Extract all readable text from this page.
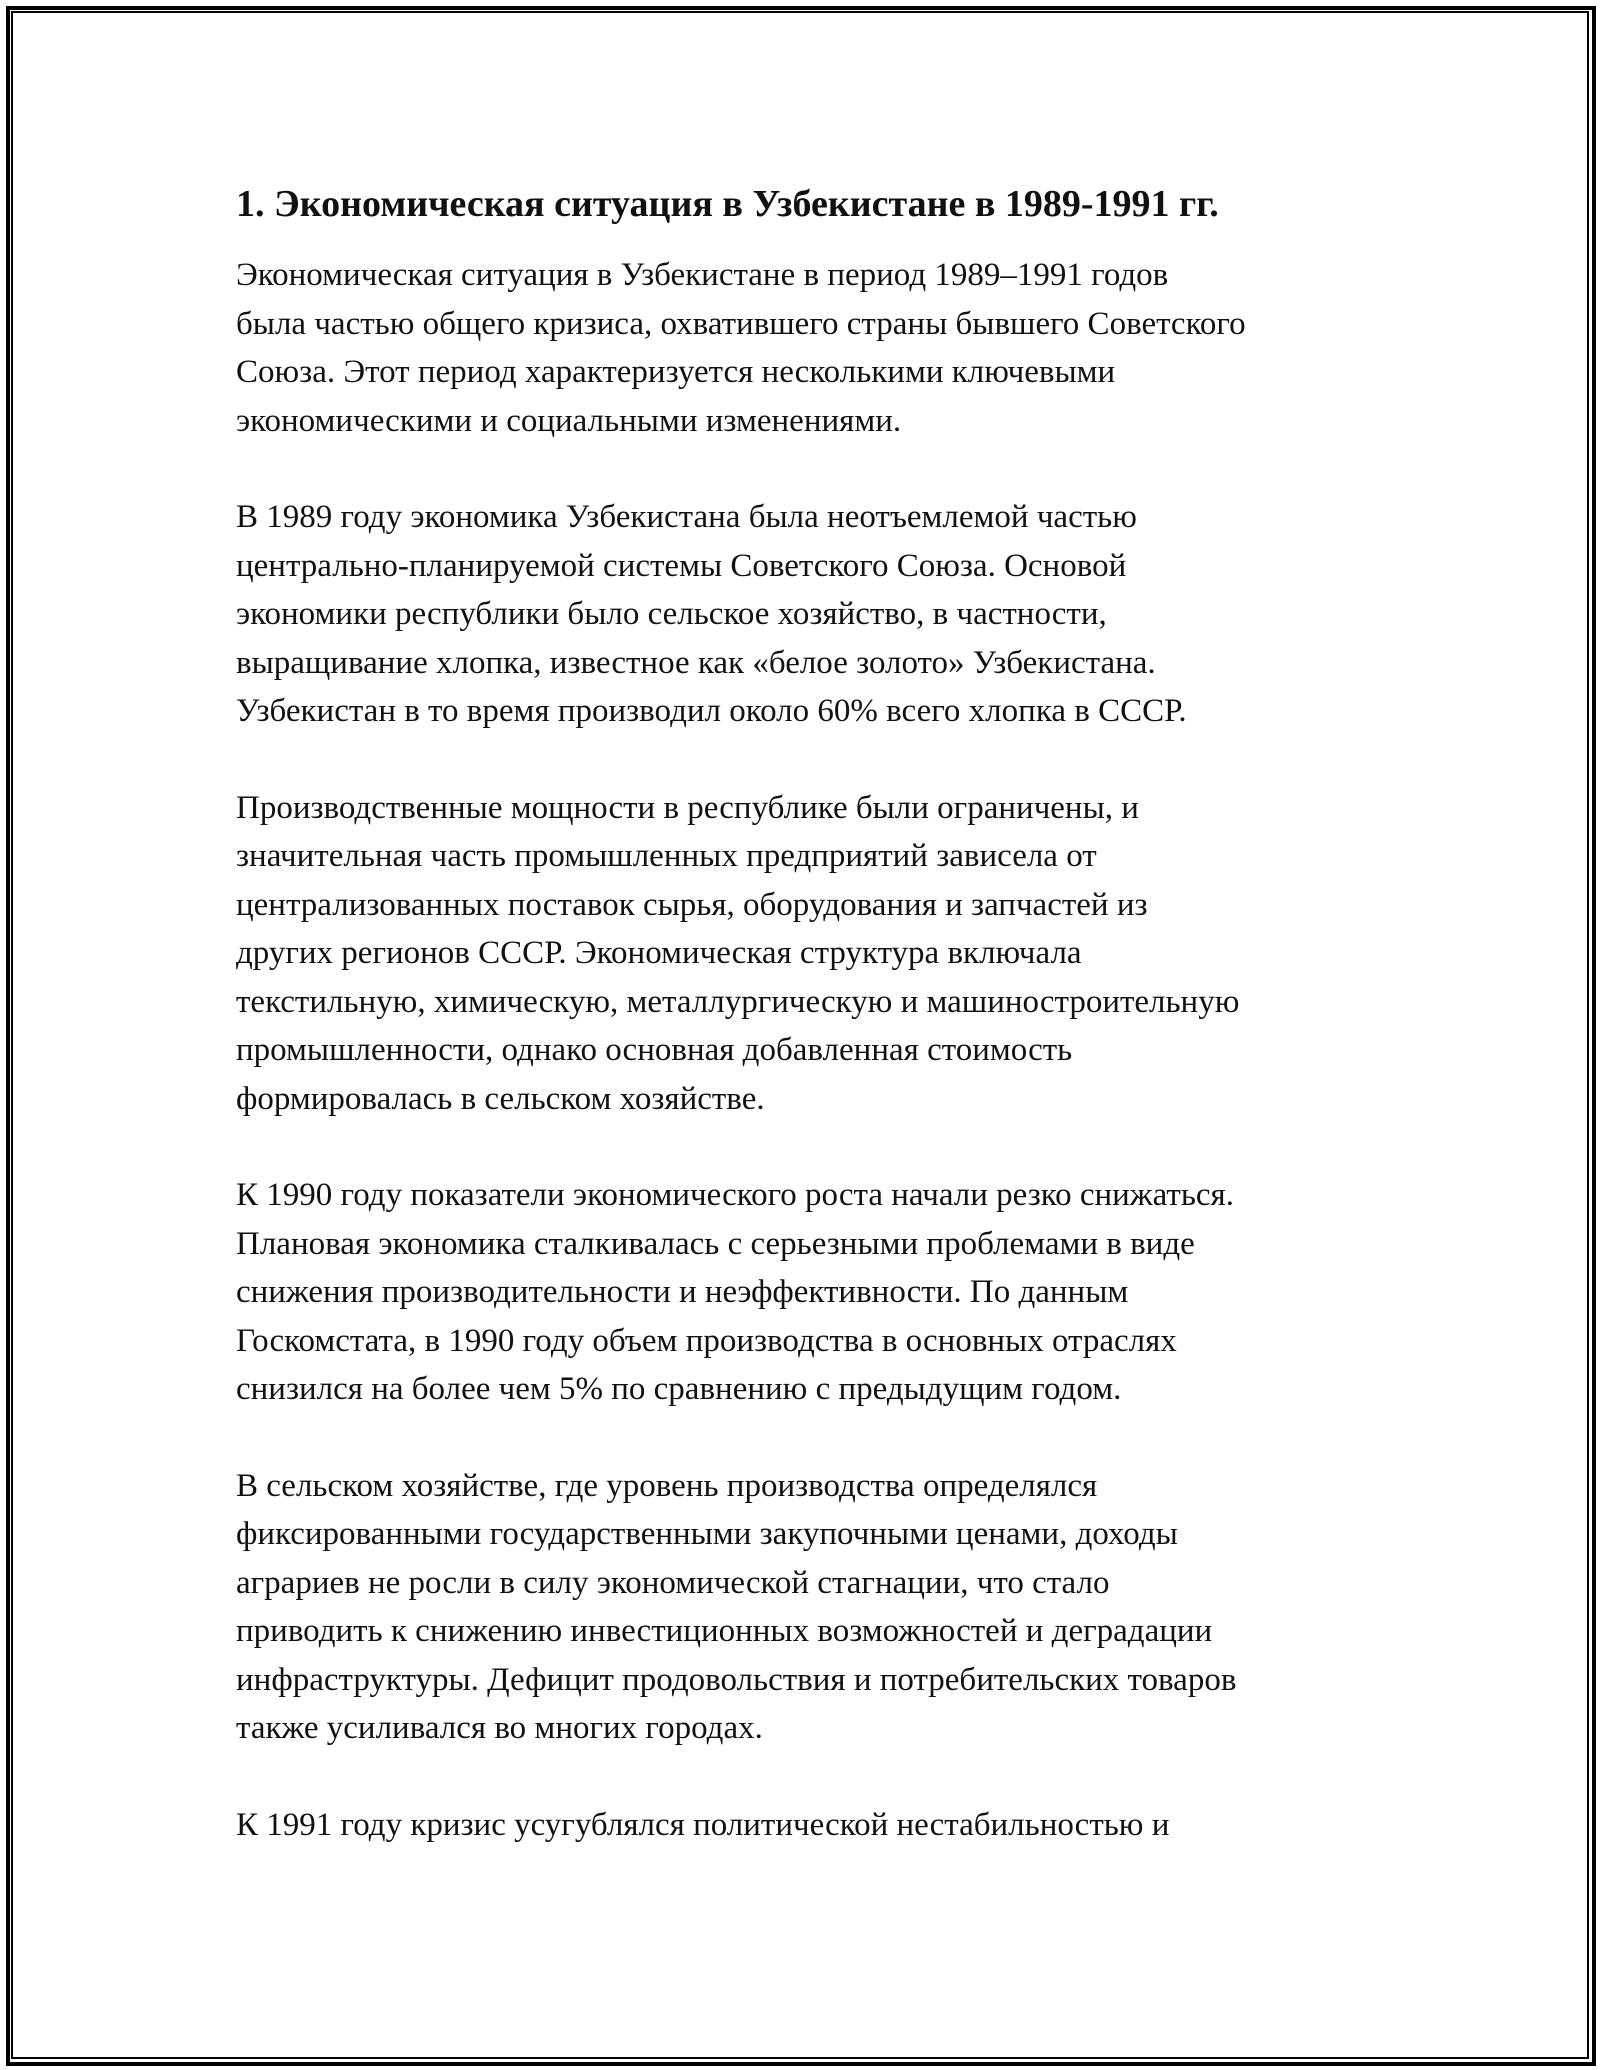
1. Экономическая ситуация в Узбекистане в 1989-1991 гг.
Экономическая ситуация в Узбекистане в период 1989–1991 годов
была частью общего кризиса, охватившего страны бывшего Советского
Союза. Этот период характеризуется несколькими ключевыми
экономическими и социальными изменениями.
В 1989 году экономика Узбекистана была неотъемлемой частью
центрально-планируемой системы Советского Союза. Основой
экономики республики было сельское хозяйство, в частности,
выращивание хлопка, известное как «белое золото» Узбекистана.
Узбекистан в то время производил около 60% всего хлопка в СССР.
Производственные мощности в республике были ограничены, и
значительная часть промышленных предприятий зависела от
централизованных поставок сырья, оборудования и запчастей из
других регионов СССР. Экономическая структура включала
текстильную, химическую, металлургическую и машиностроительную
промышленности, однако основная добавленная стоимость
формировалась в сельском хозяйстве.
К 1990 году показатели экономического роста начали резко снижаться.
Плановая экономика сталкивалась с серьезными проблемами в виде
снижения производительности и неэффективности. По данным
Госкомстата, в 1990 году объем производства в основных отраслях
снизился на более чем 5% по сравнению с предыдущим годом.
В сельском хозяйстве, где уровень производства определялся
фиксированными государственными закупочными ценами, доходы
аграриев не росли в силу экономической стагнации, что стало
приводить к снижению инвестиционных возможностей и деградации
инфраструктуры. Дефицит продовольствия и потребительских товаров
также усиливался во многих городах.
К 1991 году кризис усугублялся политической нестабильностью и
